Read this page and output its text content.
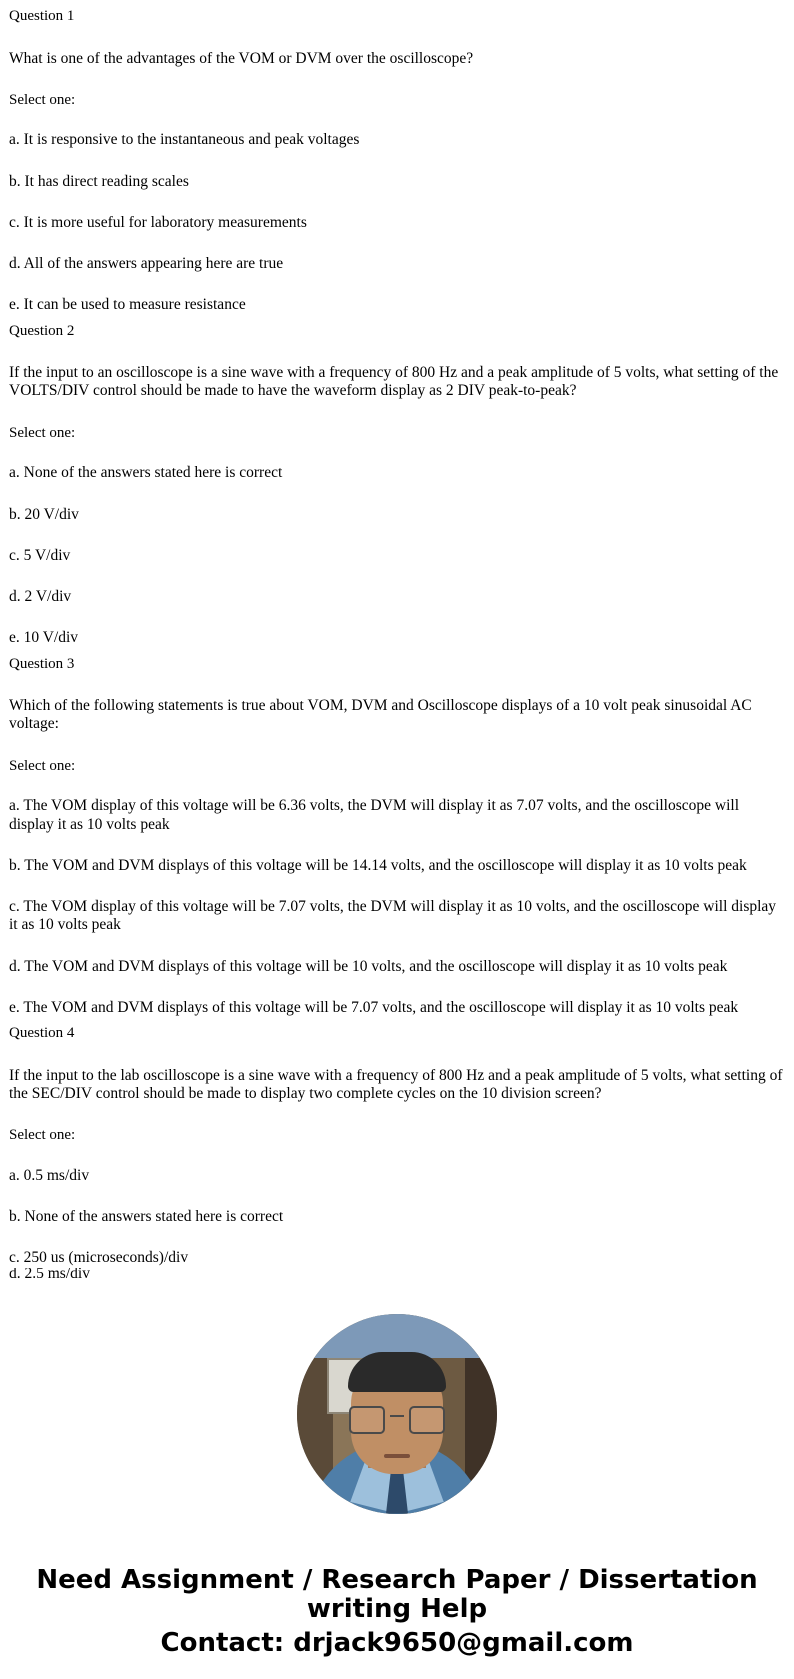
Question 1

What is one of the advantages of the VOM or DVM over the oscilloscope?

Select one:

a. It is responsive to the instantaneous and peak voltages

b. It has direct reading scales

c. It is more useful for laboratory measurements

d. All of the answers appearing here are true

e. It can be used to measure resistance

Question 2

If the input to an oscilloscope is a sine wave with a frequency of 800 Hz and a peak amplitude of 5 volts, what setting of the VOLTS/DIV control should be made to have the waveform display as 2 DIV peak-to-peak?

Select one:

a. None of the answers stated here is correct

b. 20 V/div

c. 5 V/div

d. 2 V/div

e. 10 V/div

Question 3

Which of the following statements is true about VOM, DVM and Oscilloscope displays of a 10 volt peak sinusoidal AC voltage:

Select one:

a. The VOM display of this voltage will be 6.36 volts, the DVM will display it as 7.07 volts, and the oscilloscope will display it as 10 volts peak

b. The VOM and DVM displays of this voltage will be 14.14 volts, and the oscilloscope will display it as 10 volts peak

c. The VOM display of this voltage will be 7.07 volts, the DVM will display it as 10 volts, and the oscilloscope will display it as 10 volts peak

d. The VOM and DVM displays of this voltage will be 10 volts, and the oscilloscope will display it as 10 volts peak

e. The VOM and DVM displays of this voltage will be 7.07 volts, and the oscilloscope will display it as 10 volts peak

Question 4

If the input to the lab oscilloscope is a sine wave with a frequency of 800 Hz and a peak amplitude of 5 volts, what setting of the SEC/DIV control should be made to display two complete cycles on the 10 division screen?

Select one:

a. 0.5 ms/div

b. None of the answers stated here is correct

c. 250 us (microseconds)/div

d. 2.5 ms/div

Need Assignment / Research Paper / Dissertation

writing Help

Contact: drjack9650@gmail.com
